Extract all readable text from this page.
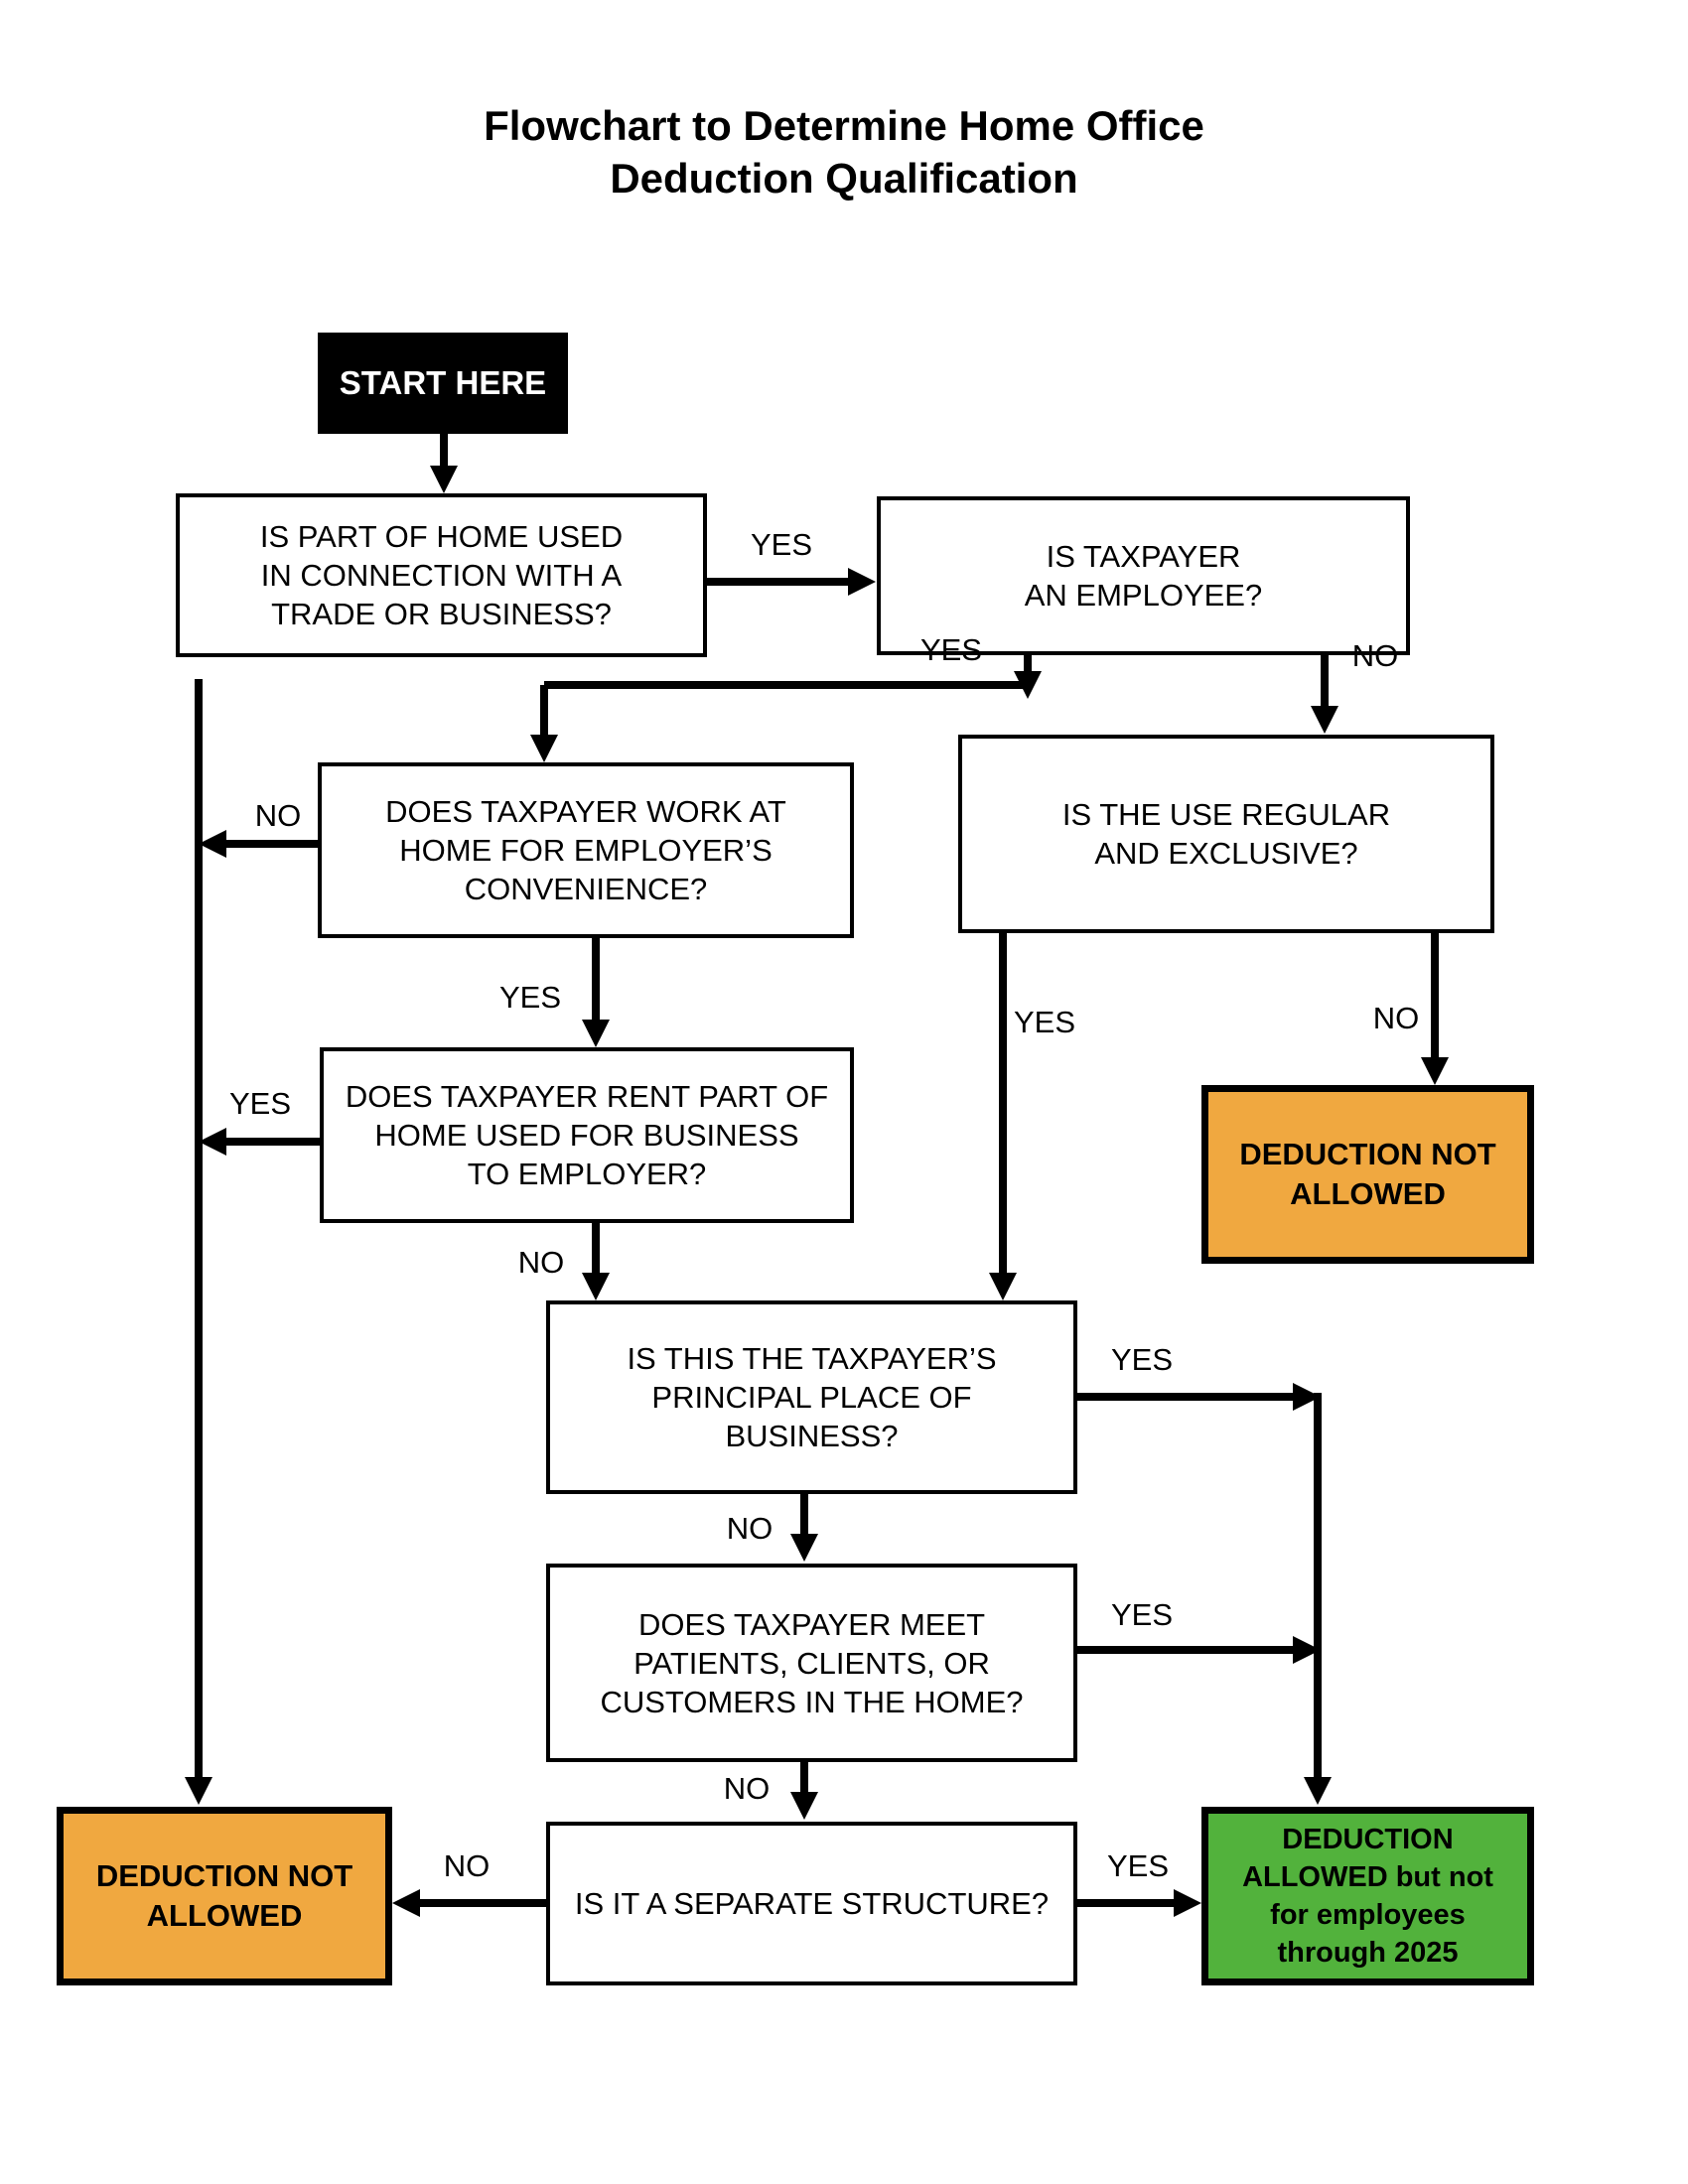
Flowchart to Determine Home Office
Deduction Qualification
START HERE
IS PART OF HOME USED
IN CONNECTION WITH A
TRADE OR BUSINESS?
IS TAXPAYER
AN EMPLOYEE?
IS THE USE REGULAR
AND EXCLUSIVE?
DOES TAXPAYER WORK AT
HOME FOR EMPLOYER’S
CONVENIENCE?
DOES TAXPAYER RENT PART OF
HOME USED FOR BUSINESS
TO EMPLOYER?
IS THIS THE TAXPAYER’S
PRINCIPAL PLACE OF
BUSINESS?
DOES TAXPAYER MEET
PATIENTS, CLIENTS, OR
CUSTOMERS IN THE HOME?
IS IT A SEPARATE STRUCTURE?
DEDUCTION NOT
ALLOWED
DEDUCTION NOT
ALLOWED
DEDUCTION
ALLOWED but not
for employees
through 2025
YES
YES	NO
YES	NO
NO
YES
YES
NO
YES
NO
YES
NO
NO	YES
